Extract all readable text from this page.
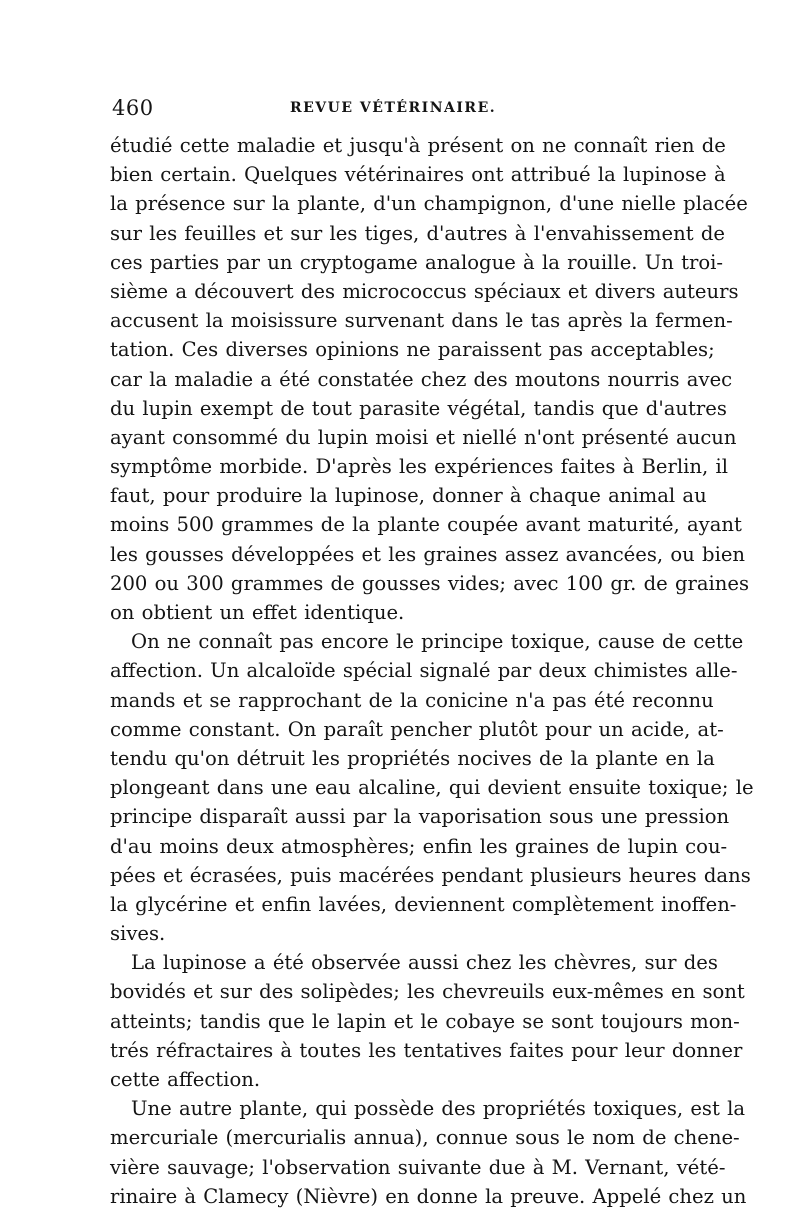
460	REVUE VÉTÉRINAIRE.
étudié cette maladie et jusqu'à présent on ne connaît rien de
bien certain. Quelques vétérinaires ont attribué la lupinose à
la présence sur la plante, d'un champignon, d'une nielle placée
sur les feuilles et sur les tiges, d'autres à l'envahissement de
ces parties par un cryptogame analogue à la rouille. Un troi-
sième a découvert des micrococcus spéciaux et divers auteurs
accusent la moisissure survenant dans le tas après la fermen-
tation. Ces diverses opinions ne paraissent pas acceptables;
car la maladie a été constatée chez des moutons nourris avec
du lupin exempt de tout parasite végétal, tandis que d'autres
ayant consommé du lupin moisi et niellé n'ont présenté aucun
symptôme morbide. D'après les expériences faites à Berlin, il
faut, pour produire la lupinose, donner à chaque animal au
moins 500 grammes de la plante coupée avant maturité, ayant
les gousses développées et les graines assez avancées, ou bien
200 ou 300 grammes de gousses vides; avec 100 gr. de graines
on obtient un effet identique.
On ne connaît pas encore le principe toxique, cause de cette
affection. Un alcaloïde spécial signalé par deux chimistes alle-
mands et se rapprochant de la conicine n'a pas été reconnu
comme constant. On paraît pencher plutôt pour un acide, at-
tendu qu'on détruit les propriétés nocives de la plante en la
plongeant dans une eau alcaline, qui devient ensuite toxique; le
principe disparaît aussi par la vaporisation sous une pression
d'au moins deux atmosphères; enfin les graines de lupin cou-
pées et écrasées, puis macérées pendant plusieurs heures dans
la glycérine et enfin lavées, deviennent complètement inoffen-
sives.
La lupinose a été observée aussi chez les chèvres, sur des
bovidés et sur des solipèdes; les chevreuils eux-mêmes en sont
atteints; tandis que le lapin et le cobaye se sont toujours mon-
trés réfractaires à toutes les tentatives faites pour leur donner
cette affection.
Une autre plante, qui possède des propriétés toxiques, est la
mercuriale (mercurialis annua), connue sous le nom de chene-
vière sauvage; l'observation suivante due à M. Vernant, vété-
rinaire à Clamecy (Nièvre) en donne la preuve. Appelé chez un
